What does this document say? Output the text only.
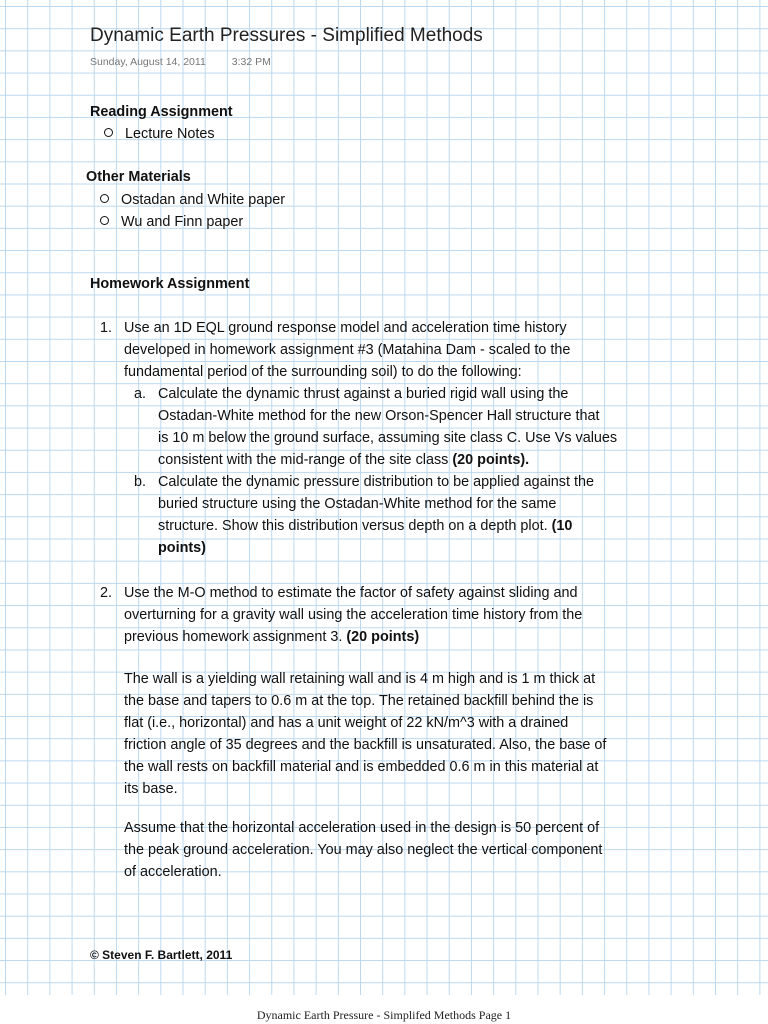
Dynamic Earth Pressures - Simplified Methods
Sunday, August 14, 2011 3:32 PM
Reading Assignment
Lecture Notes
Other Materials
Ostadan and White paper
Wu and Finn paper
Homework Assignment
1. Use an 1D EQL ground response model and acceleration time history
developed in homework assignment #3 (Matahina Dam - scaled to the
fundamental period of the surrounding soil) to do the following:
a. Calculate the dynamic thrust against a buried rigid wall using the
Ostadan-White method for the new Orson-Spencer Hall structure that
is 10 m below the ground surface, assuming site class C. Use Vs values
consistent with the mid-range of the site class (20 points).
b. Calculate the dynamic pressure distribution to be applied against the
buried structure using the Ostadan-White method for the same
structure. Show this distribution versus depth on a depth plot. (10
points)
2. Use the M-O method to estimate the factor of safety against sliding and
overturning for a gravity wall using the acceleration time history from the
previous homework assignment 3. (20 points)
The wall is a yielding wall retaining wall and is 4 m high and is 1 m thick at
the base and tapers to 0.6 m at the top. The retained backfill behind the is
flat (i.e., horizontal) and has a unit weight of 22 kN/m^3 with a drained
friction angle of 35 degrees and the backfill is unsaturated. Also, the base of
the wall rests on backfill material and is embedded 0.6 m in this material at
its base.
Assume that the horizontal acceleration used in the design is 50 percent of
the peak ground acceleration. You may also neglect the vertical component
of acceleration.
© Steven F. Bartlett, 2011
Dynamic Earth Pressure - Simplifed Methods Page 1
